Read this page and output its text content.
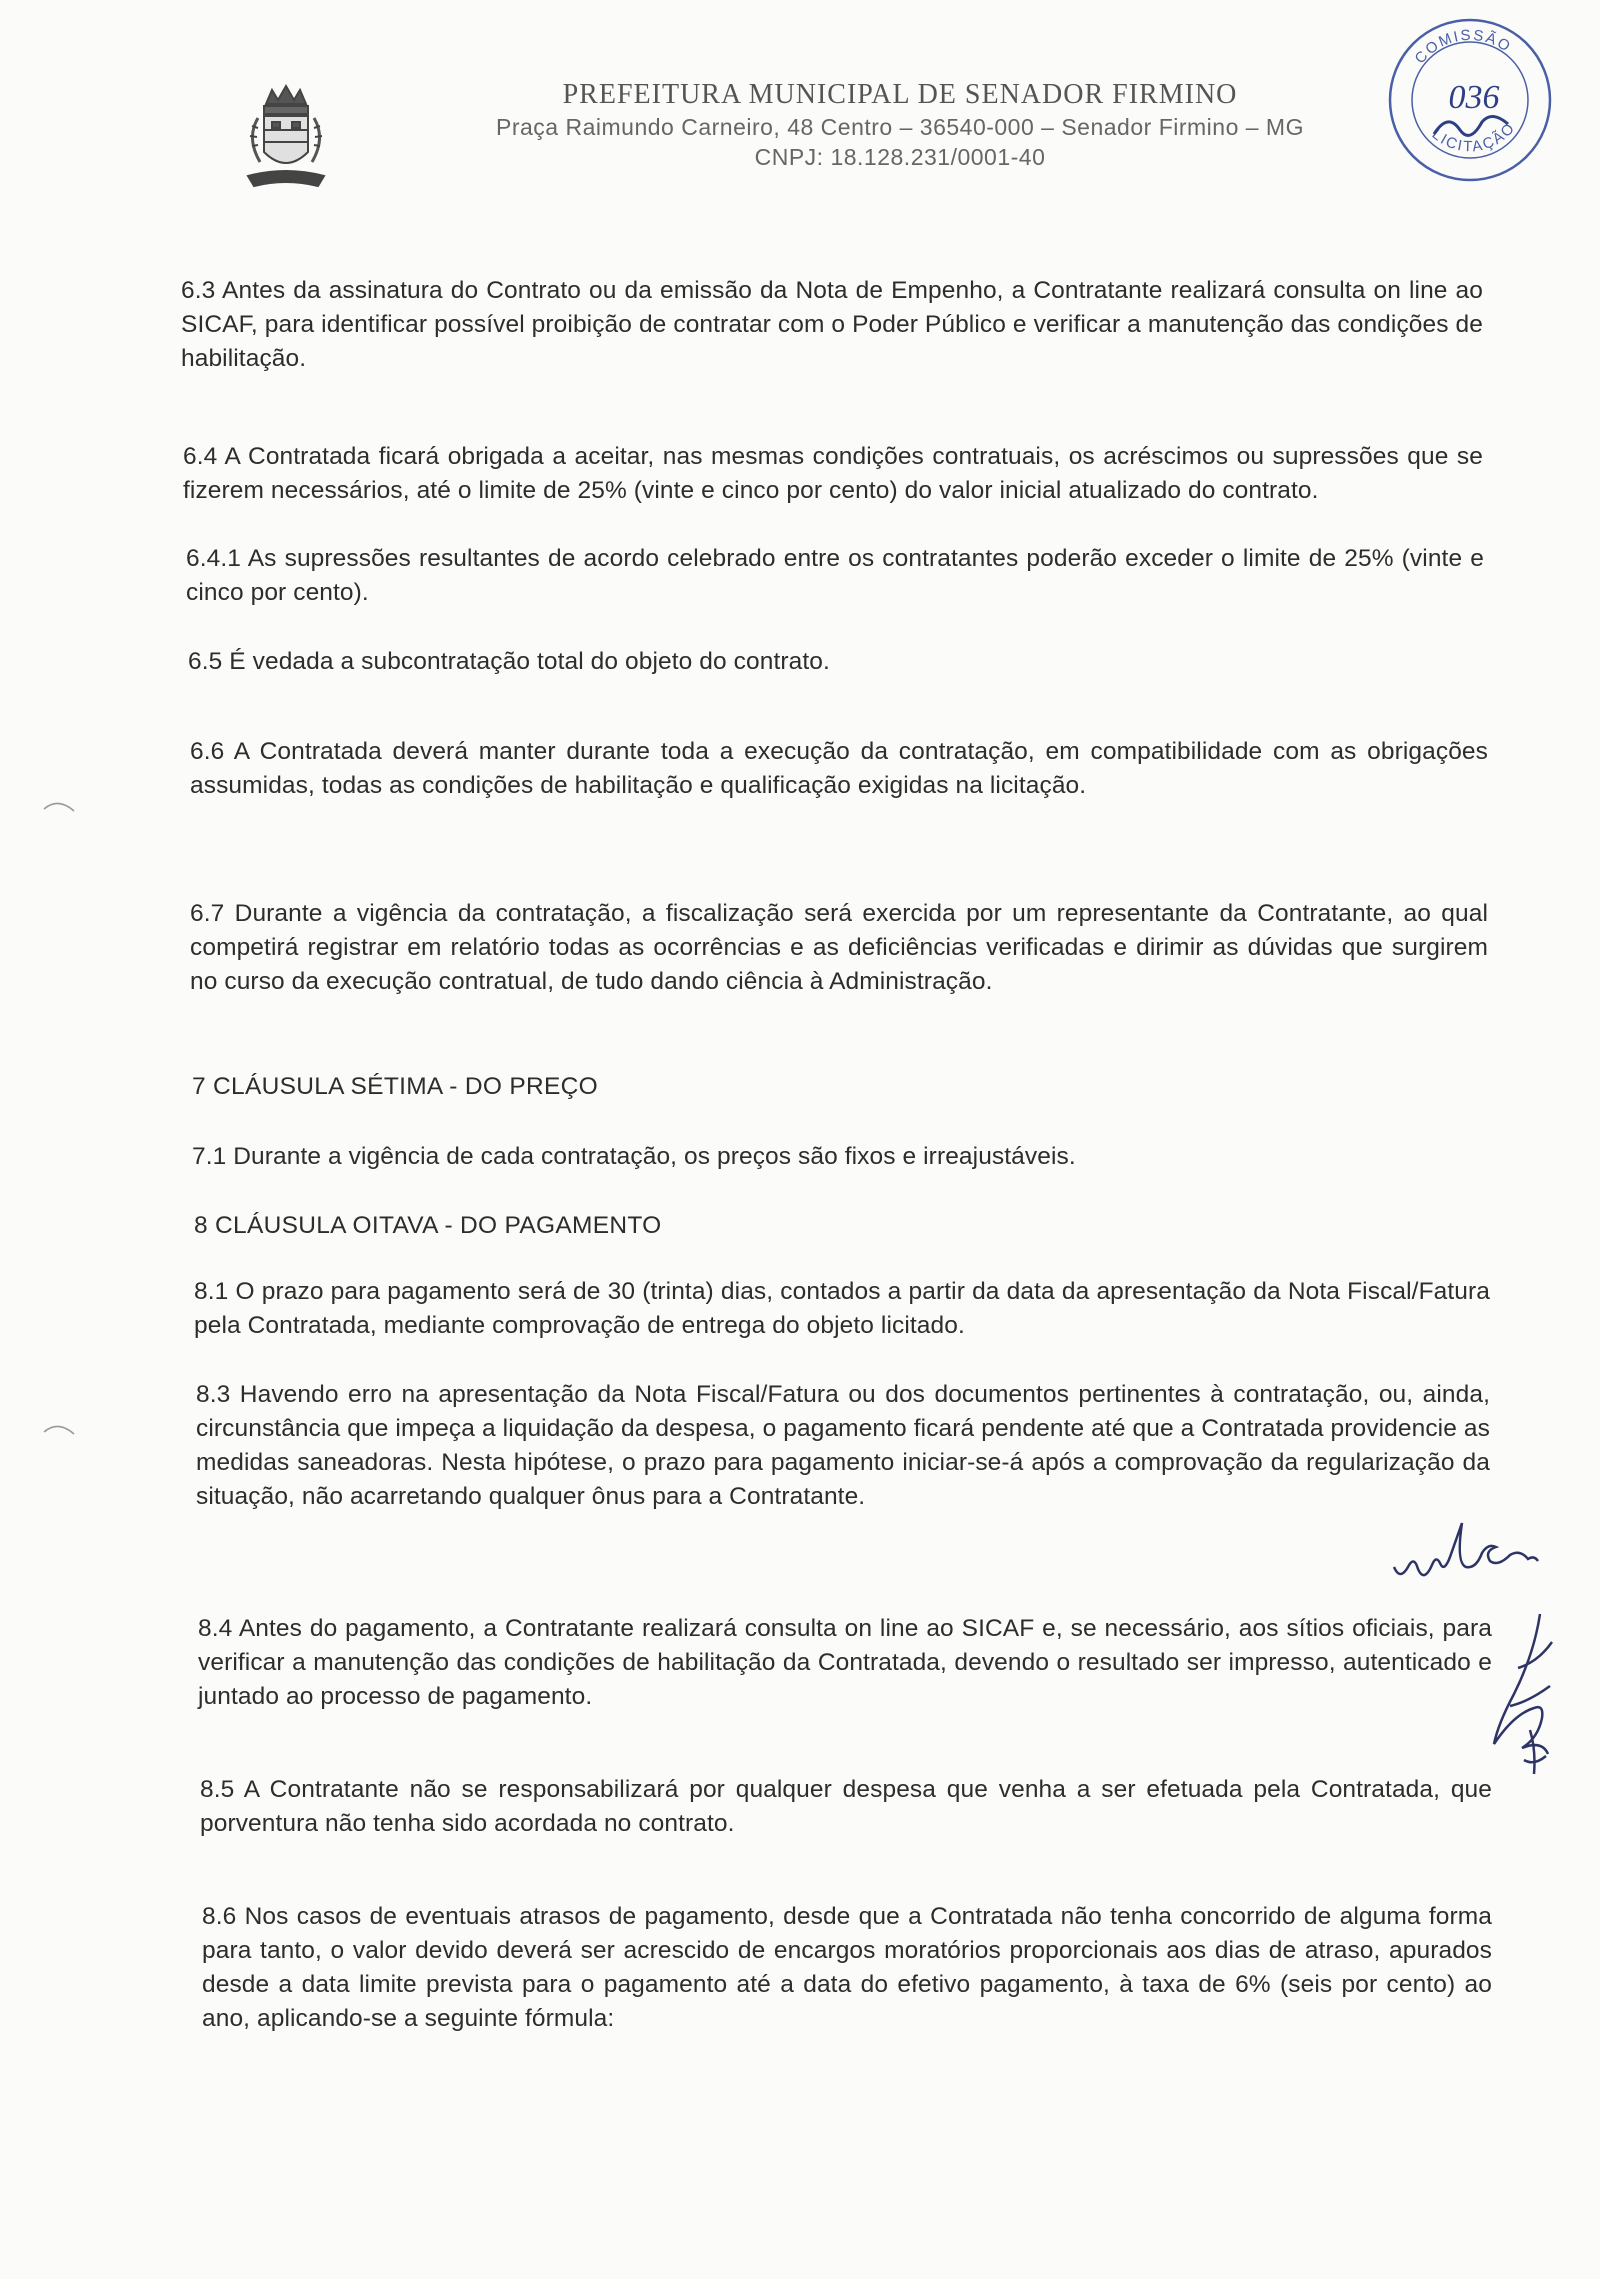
PREFEITURA MUNICIPAL DE SENADOR FIRMINO
Praça Raimundo Carneiro, 48 Centro – 36540-000 – Senador Firmino – MG
CNPJ: 18.128.231/0001-40
COMISSÃO
LICITAÇÃO
036
6.3 Antes da assinatura do Contrato ou da emissão da Nota de Empenho, a Contratante realizará consulta on line ao SICAF, para identificar possível proibição de contratar com o Poder Público e verificar a manutenção das condições de habilitação.
6.4 A Contratada ficará obrigada a aceitar, nas mesmas condições contratuais, os acréscimos ou supressões que se fizerem necessários, até o limite de 25% (vinte e cinco por cento) do valor inicial atualizado do contrato.
6.4.1 As supressões resultantes de acordo celebrado entre os contratantes poderão exceder o limite de 25% (vinte e cinco por cento).
6.5 É vedada a subcontratação total do objeto do contrato.
6.6 A Contratada deverá manter durante toda a execução da contratação, em compatibilidade com as obrigações assumidas, todas as condições de habilitação e qualificação exigidas na licitação.
6.7 Durante a vigência da contratação, a fiscalização será exercida por um representante da Contratante, ao qual competirá registrar em relatório todas as ocorrências e as deficiências verificadas e dirimir as dúvidas que surgirem no curso da execução contratual, de tudo dando ciência à Administração.
7 CLÁUSULA SÉTIMA - DO PREÇO
7.1 Durante a vigência de cada contratação, os preços são fixos e irreajustáveis.
8 CLÁUSULA OITAVA - DO PAGAMENTO
8.1 O prazo para pagamento será de 30 (trinta) dias, contados a partir da data da apresentação da Nota Fiscal/Fatura pela Contratada, mediante comprovação de entrega do objeto licitado.
8.3 Havendo erro na apresentação da Nota Fiscal/Fatura ou dos documentos pertinentes à contratação, ou, ainda, circunstância que impeça a liquidação da despesa, o pagamento ficará pendente até que a Contratada providencie as medidas saneadoras. Nesta hipótese, o prazo para pagamento iniciar-se-á após a comprovação da regularização da situação, não acarretando qualquer ônus para a Contratante.
8.4 Antes do pagamento, a Contratante realizará consulta on line ao SICAF e, se necessário, aos sítios oficiais, para verificar a manutenção das condições de habilitação da Contratada, devendo o resultado ser impresso, autenticado e juntado ao processo de pagamento.
8.5 A Contratante não se responsabilizará por qualquer despesa que venha a ser efetuada pela Contratada, que porventura não tenha sido acordada no contrato.
8.6 Nos casos de eventuais atrasos de pagamento, desde que a Contratada não tenha concorrido de alguma forma para tanto, o valor devido deverá ser acrescido de encargos moratórios proporcionais aos dias de atraso, apurados desde a data limite prevista para o pagamento até a data do efetivo pagamento, à taxa de 6% (seis por cento) ao ano, aplicando-se a seguinte fórmula:
